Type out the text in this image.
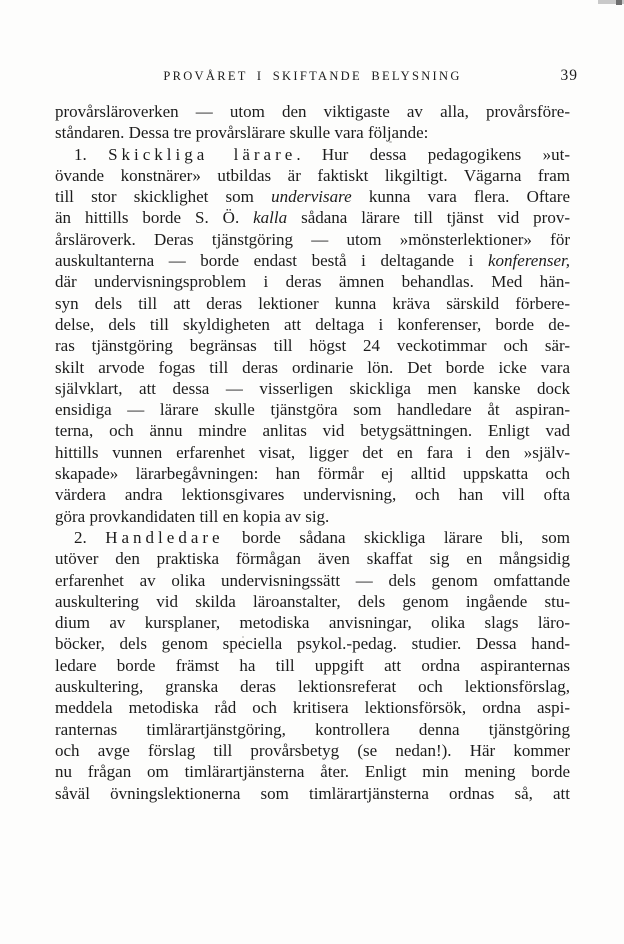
PROVÅRET I SKIFTANDE BELYSNING	39
provårsläroverken — utom den viktigaste av alla, provårsföre-
ståndaren. Dessa tre provårslärare skulle vara följande:
1. Skickliga lärare. Hur dessa pedagogikens »ut-
övande konstnärer» utbildas är faktiskt likgiltigt. Vägarna fram
till stor skicklighet som undervisare kunna vara flera. Oftare
än hittills borde S. Ö. kalla sådana lärare till tjänst vid prov-
årsläroverk. Deras tjänstgöring — utom »mönsterlektioner» för
auskultanterna — borde endast bestå i deltagande i konferenser,
där undervisningsproblem i deras ämnen behandlas. Med hän-
syn dels till att deras lektioner kunna kräva särskild förbere-
delse, dels till skyldigheten att deltaga i konferenser, borde de-
ras tjänstgöring begränsas till högst 24 veckotimmar och sär-
skilt arvode fogas till deras ordinarie lön. Det borde icke vara
självklart, att dessa — visserligen skickliga men kanske dock
ensidiga — lärare skulle tjänstgöra som handledare åt aspiran-
terna, och ännu mindre anlitas vid betygsättningen. Enligt vad
hittills vunnen erfarenhet visat, ligger det en fara i den »själv-
skapade» lärarbegåvningen: han förmår ej alltid uppskatta och
värdera andra lektionsgivares undervisning, och han vill ofta
göra provkandidaten till en kopia av sig.
2. Handledare borde sådana skickliga lärare bli, som
utöver den praktiska förmågan även skaffat sig en mångsidig
erfarenhet av olika undervisningssätt — dels genom omfattande
auskultering vid skilda läroanstalter, dels genom ingående stu-
dium av kursplaner, metodiska anvisningar, olika slags läro-
böcker, dels genom speciella psykol.-pedag. studier. Dessa hand-
ledare borde främst ha till uppgift att ordna aspiranternas
auskultering, granska deras lektionsreferat och lektionsförslag,
meddela metodiska råd och kritisera lektionsförsök, ordna aspi-
ranternas timlärartjänstgöring, kontrollera denna tjänstgöring
och avge förslag till provårsbetyg (se nedan!). Här kommer
nu frågan om timlärartjänsterna åter. Enligt min mening borde
såväl övningslektionerna som timlärartjänsterna ordnas så, att
